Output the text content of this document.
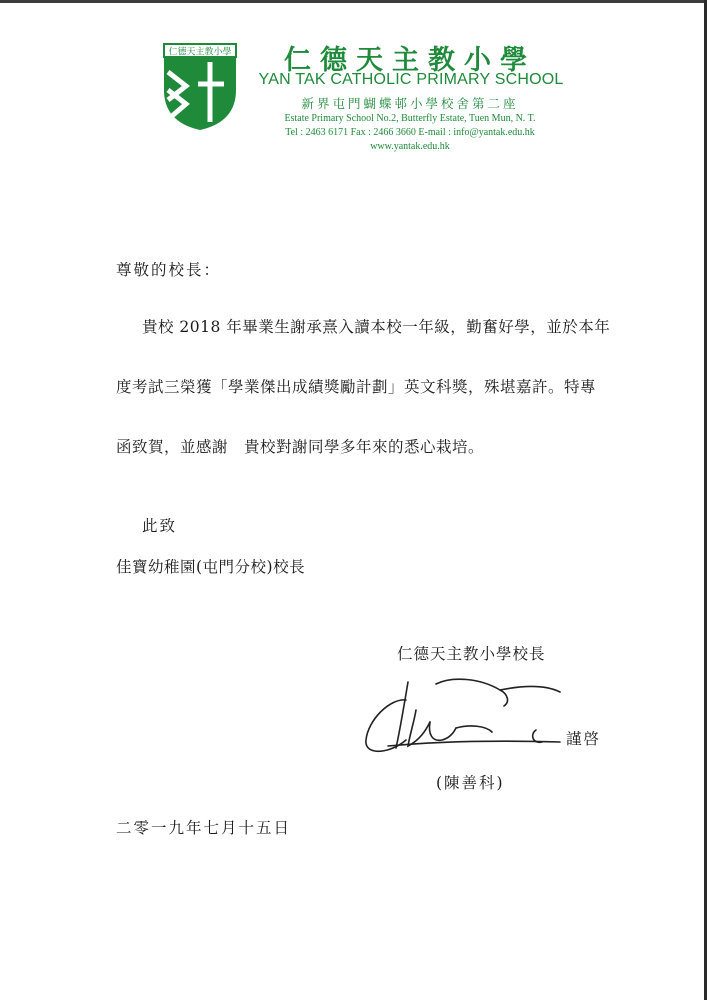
仁德天主教小學	仁德天主教小學
YAN TAK CATHOLIC PRIMARY SCHOOL
新界屯門蝴蝶邨小學校舍第二座
Estate Primary School No.2, Butterfly Estate, Tuen Mun, N. T.
Tel : 2463 6171 Fax : 2466 3660 E-mail : info@yantak.edu.hk
www.yantak.edu.hk
尊敬的校長：
貴校 2018 年畢業生謝承熹入讀本校一年級，勤奮好學，並於本年
度考試三榮獲「學業傑出成績獎勵計劃」英文科獎，殊堪嘉許。特專
函致賀，並感謝　貴校對謝同學多年來的悉心栽培。
此致
佳寶幼稚園(屯門分校)校長
仁德天主教小學校長
謹啓
(陳善科)
二零一九年七月十五日
